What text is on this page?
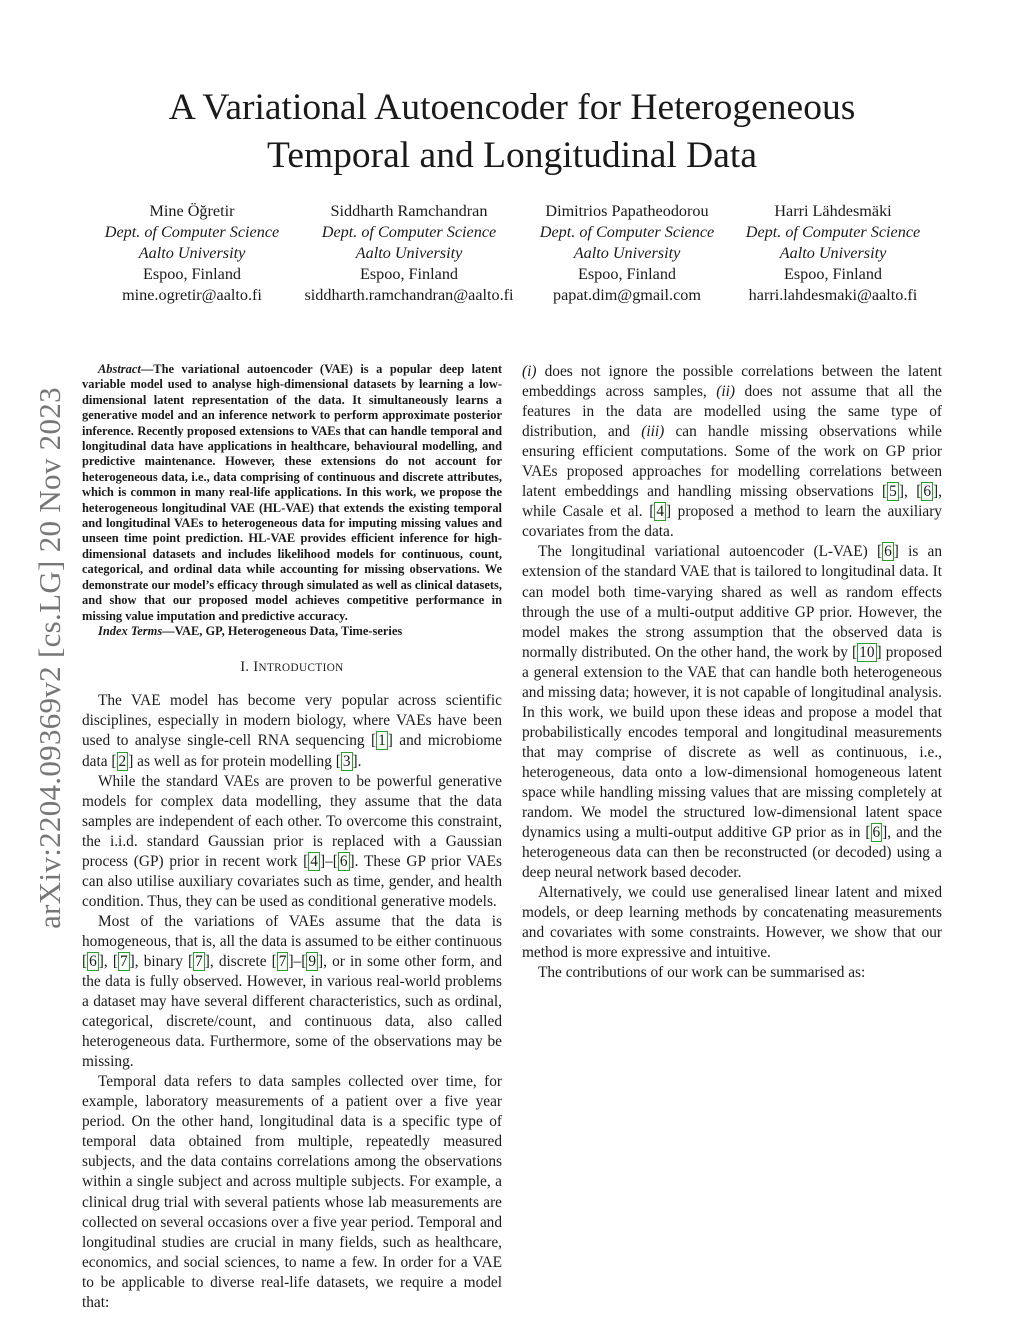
arXiv:2204.09369v2 [cs.LG] 20 Nov 2023
A Variational Autoencoder for Heterogeneous
Temporal and Longitudinal Data
Mine Öğretir
Dept. of Computer Science
Aalto University
Espoo, Finland
mine.ogretir@aalto.fi
Siddharth Ramchandran
Dept. of Computer Science
Aalto University
Espoo, Finland
siddharth.ramchandran@aalto.fi
Dimitrios Papatheodorou
Dept. of Computer Science
Aalto University
Espoo, Finland
papat.dim@gmail.com
Harri Lähdesmäki
Dept. of Computer Science
Aalto University
Espoo, Finland
harri.lahdesmaki@aalto.fi

Abstract—The variational autoencoder (VAE) is a popular deep latent variable model used to analyse high-dimensional datasets by learning a low-dimensional latent representation of the data. It simultaneously learns a generative model and an inference network to perform approximate posterior inference. Recently proposed extensions to VAEs that can handle temporal and longitudinal data have applications in healthcare, behavioural modelling, and predictive maintenance. However, these extensions do not account for heterogeneous data, i.e., data comprising of continuous and discrete attributes, which is common in many real-life applications. In this work, we propose the heterogeneous longitudinal VAE (HL-VAE) that extends the existing temporal and longitudinal VAEs to heterogeneous data for imputing missing values and unseen time point prediction. HL-VAE provides efficient inference for high-dimensional datasets and includes likelihood models for continuous, count, categorical, and ordinal data while accounting for missing observations. We demonstrate our model’s efficacy through simulated as well as clinical datasets, and show that our proposed model achieves competitive performance in missing value imputation and predictive accuracy.

Index Terms—VAE, GP, Heterogeneous Data, Time-series

I. INTRODUCTION

The VAE model has become very popular across scientific disciplines, especially in modern biology, where VAEs have been used to analyse single-cell RNA sequencing [ 1 ] and microbiome data [ 2 ] as well as for protein modelling [ 3 ].

While the standard VAEs are proven to be powerful generative models for complex data modelling, they assume that the data samples are independent of each other. To overcome this constraint, the i.i.d. standard Gaussian prior is replaced with a Gaussian process (GP) prior in recent work [ 4 ]–[ 6 ]. These GP prior VAEs can also utilise auxiliary covariates such as time, gender, and health condition. Thus, they can be used as conditional generative models.

Most of the variations of VAEs assume that the data is homogeneous, that is, all the data is assumed to be either continuous [ 6 ], [ 7 ], binary [ 7 ], discrete [ 7 ]–[ 9 ], or in some other form, and the data is fully observed. However, in various real-world problems a dataset may have several different characteristics, such as ordinal, categorical, discrete/count, and continuous data, also called heterogeneous data. Furthermore, some of the observations may be missing.

Temporal data refers to data samples collected over time, for example, laboratory measurements of a patient over a five year period. On the other hand, longitudinal data is a specific type of temporal data obtained from multiple, repeatedly measured subjects, and the data contains correlations among the observations within a single subject and across multiple subjects. For example, a clinical drug trial with several patients whose lab measurements are collected on several occasions over a five year period. Temporal and longitudinal studies are crucial in many fields, such as healthcare, economics, and social sciences, to name a few. In order for a VAE to be applicable to diverse real-life datasets, we require a model that:

(i) does not ignore the possible correlations between the latent embeddings across samples, (ii) does not assume that all the features in the data are modelled using the same type of distribution, and (iii) can handle missing observations while ensuring efficient computations. Some of the work on GP prior VAEs proposed approaches for modelling correlations between latent embeddings and handling missing observations [ 5 ], [ 6 ], while Casale et al. [ 4 ] proposed a method to learn the auxiliary covariates from the data.

The longitudinal variational autoencoder (L-VAE) [ 6 ] is an extension of the standard VAE that is tailored to longitudinal data. It can model both time-varying shared as well as random effects through the use of a multi-output additive GP prior. However, the model makes the strong assumption that the observed data is normally distributed. On the other hand, the work by [ 10 ] proposed a general extension to the VAE that can handle both heterogeneous and missing data; however, it is not capable of longitudinal analysis. In this work, we build upon these ideas and propose a model that probabilistically encodes temporal and longitudinal measurements that may comprise of discrete as well as continuous, i.e., heterogeneous, data onto a low-dimensional homogeneous latent space while handling missing values that are missing completely at random. We model the structured low-dimensional latent space dynamics using a multi-output additive GP prior as in [ 6 ], and the heterogeneous data can then be reconstructed (or decoded) using a deep neural network based decoder.

Alternatively, we could use generalised linear latent and mixed models, or deep learning methods by concatenating measurements and covariates with some constraints. However, we show that our method is more expressive and intuitive.

The contributions of our work can be summarised as:
